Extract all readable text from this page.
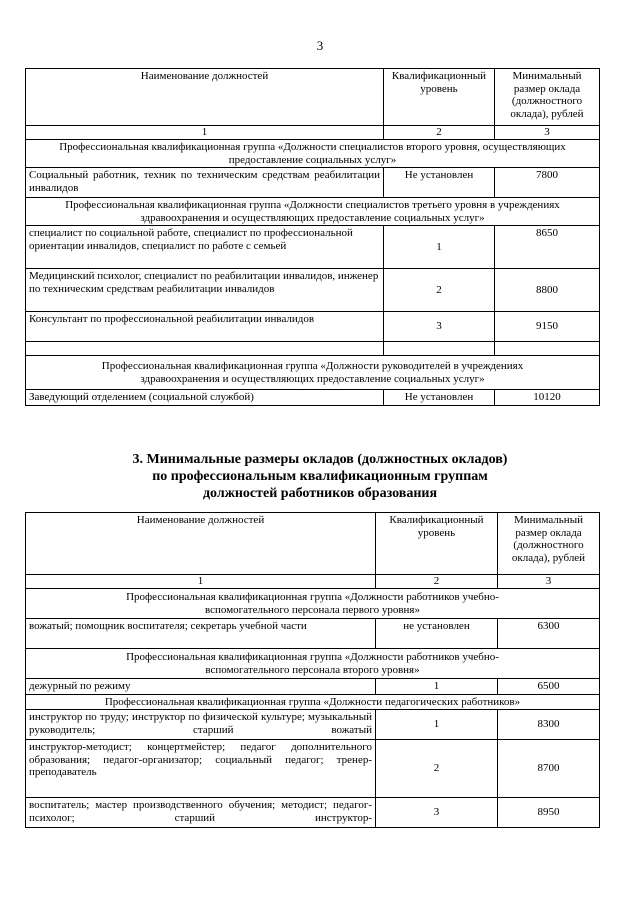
3
Наименование должностей	Квалификационный уровень	Минимальный размер оклада (должностного оклада), рублей
1	2	3
Профессиональная квалификационная группа «Должности специалистов второго уровня, осуществляющих предоставление социальных услуг»		
Социальный работник, техник по техническим средствам реабилитации инвалидов	Не установлен	7800
Профессиональная квалификационная группа «Должности специалистов третьего уровня в учреждениях здравоохранения и осуществляющих предоставление социальных услуг»		
специалист по социальной работе, специалист по профессиональной ориентации инвалидов, специалист по работе с семьей	1	8650
Медицинский психолог, специалист по реабилитации инвалидов, инженер по техническим средствам реабилитации инвалидов	2	8800
Консультант по профессиональной реабилитации инвалидов	3	9150

Профессиональная квалификационная группа «Должности руководителей в учреждениях здравоохранения и осуществляющих предоставление социальных услуг»		
Заведующий отделением (социальной службой)	Не установлен	10120
3. Минимальные размеры окладов (должностных окладов)
по профессиональным квалификационным группам
должностей работников образования
Наименование должностей	Квалификационный уровень	Минимальный размер оклада (должностного оклада), рублей
1	2	3
Профессиональная квалификационная группа «Должности работников учебно-вспомогательного персонала первого уровня»		
вожатый; помощник воспитателя; секретарь учебной части	не установлен	6300
Профессиональная квалификационная группа «Должности работников учебно-вспомогательного персонала второго уровня»		
дежурный по режиму	1	6500
Профессиональная квалификационная группа «Должности педагогических работников»		
инструктор по труду; инструктор по физической культуре; музыкальный руководитель; старший вожатый	1	8300
инструктор-методист; концертмейстер; педагог дополнительного образования; педагог-организатор; социальный педагог; тренер-преподаватель	2	8700
воспитатель; мастер производственного обучения; методист; педагог-психолог; старший инструктор-	3	8950
